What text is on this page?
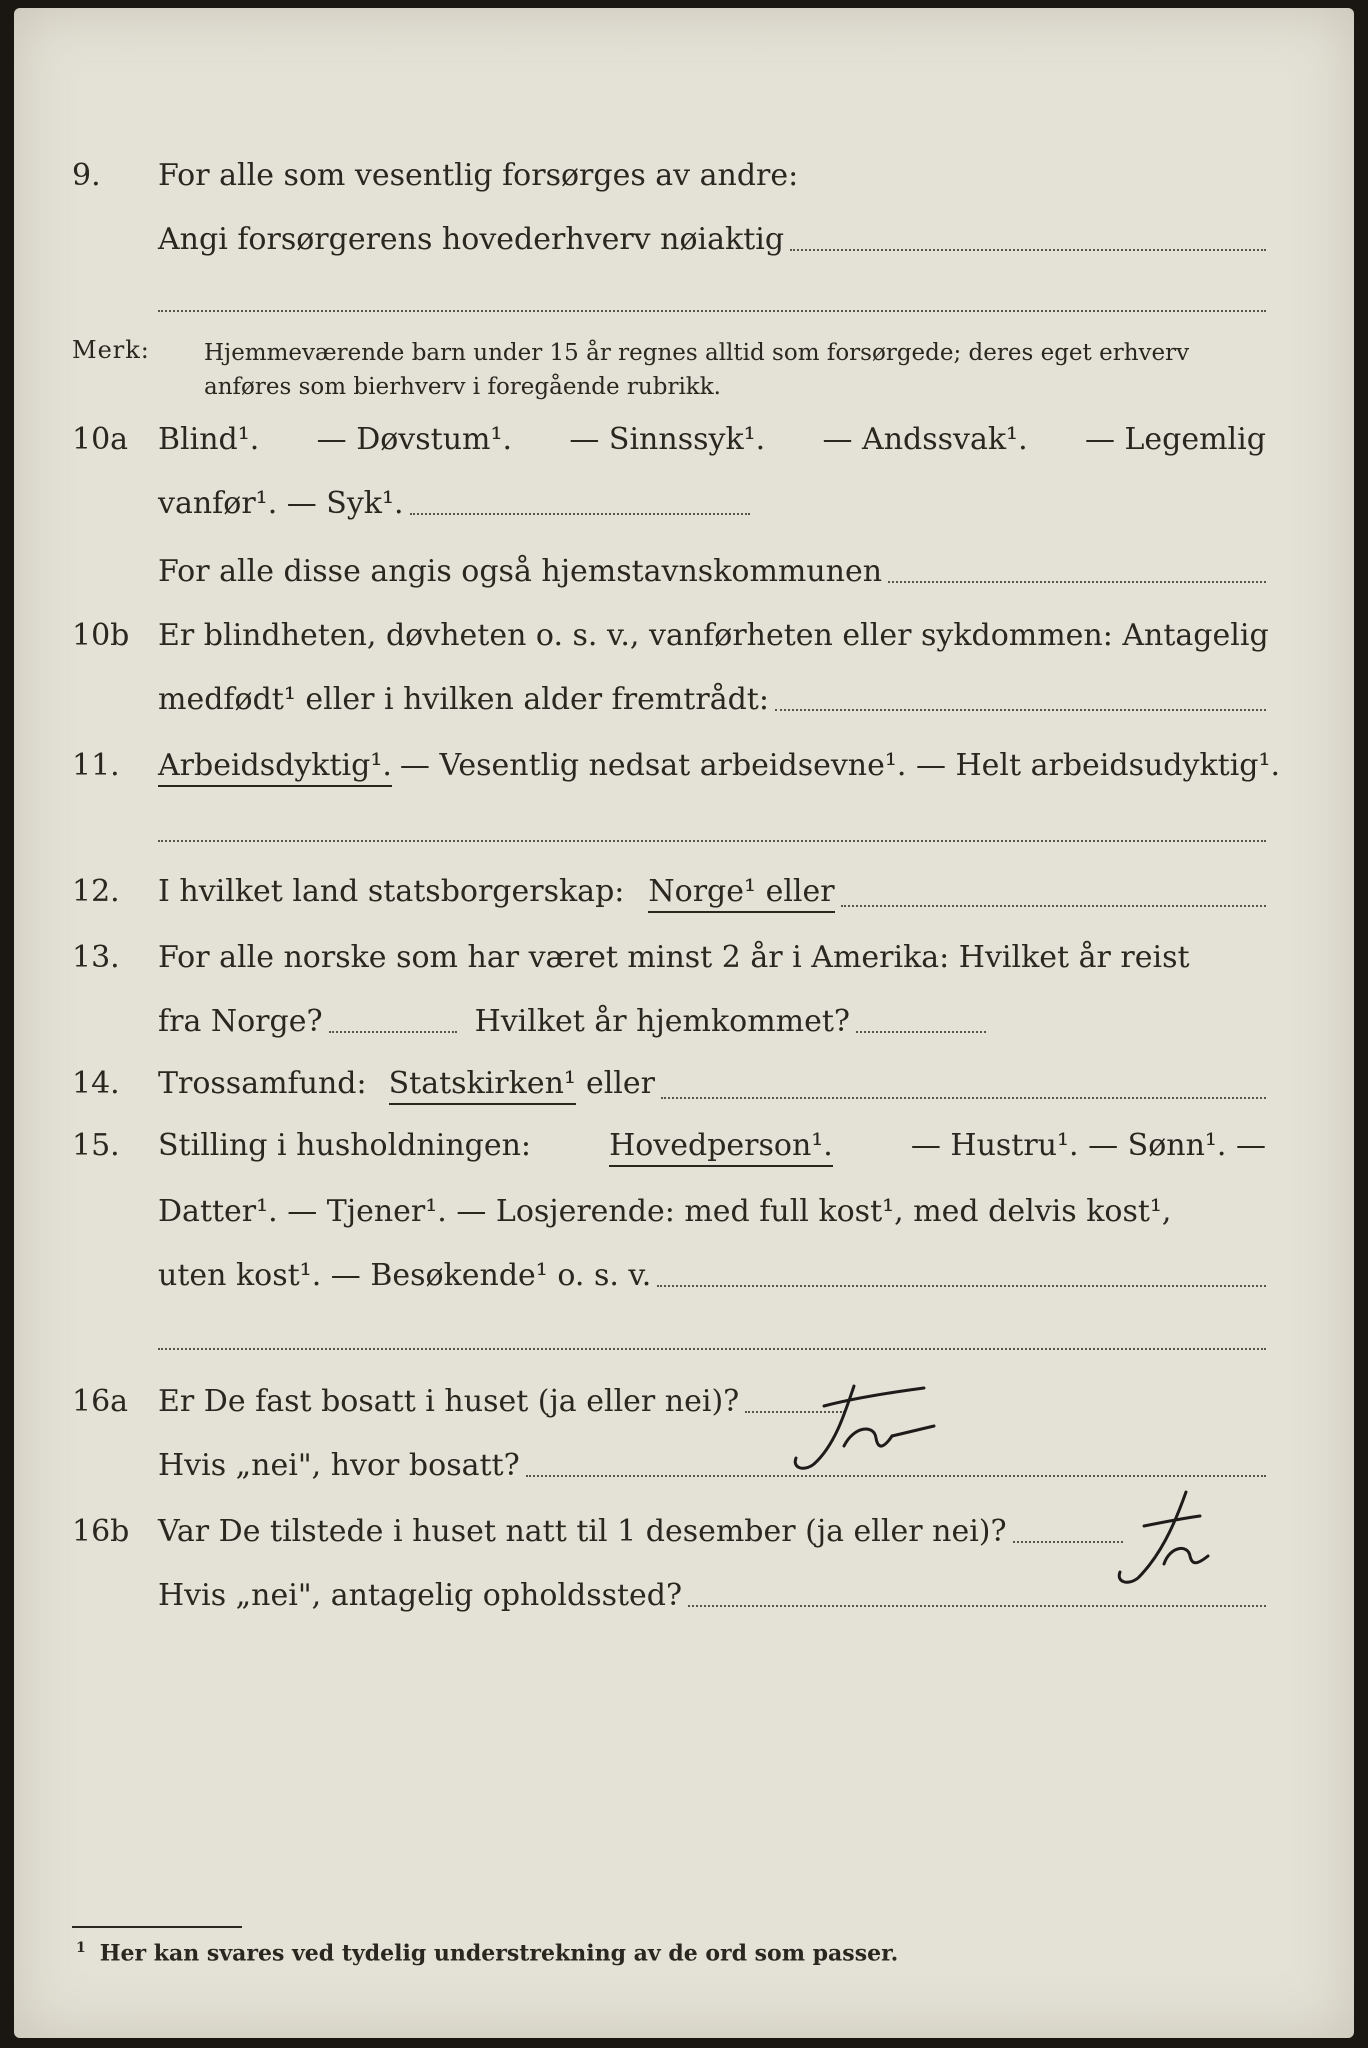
9. For alle som vesentlig forsørges av andre:
Angi forsørgerens hovederhverv nøiaktig
Merk: Hjemmeværende barn under 15 år regnes alltid som forsørgede; deres eget erhverv anføres som bierhverv i foregående rubrikk.
10a Blind¹. — Døvstum¹. — Sinnssyk¹. — Andssvak¹. — Legemlig
vanfør¹. — Syk¹.
For alle disse angis også hjemstavnskommunen
10b Er blindheten, døvheten o. s. v., vanførheten eller sykdommen: Antagelig
medfødt¹ eller i hvilken alder fremtrådt:
11. Arbeidsdyktig¹. — Vesentlig nedsat arbeidsevne¹. — Helt arbeidsudyktig¹.
12. I hvilket land statsborgerskap: Norge¹ eller
13. For alle norske som har været minst 2 år i Amerika: Hvilket år reist
fra Norge?	Hvilket år hjemkommet?
14. Trossamfund: Statskirken¹ eller
15. Stilling i husholdningen:	Hovedperson¹.	— Hustru¹. — Sønn¹. —
Datter¹. — Tjener¹. — Losjerende: med full kost¹, med delvis kost¹,
uten kost¹. — Besøkende¹ o. s. v.
16a Er De fast bosatt i huset (ja eller nei)?
Hvis „nei", hvor bosatt?
16b Var De tilstede i huset natt til 1 desember (ja eller nei)?
Hvis „nei", antagelig opholdssted?
$^1$ Her kan svares ved tydelig understrekning av de ord som passer.
